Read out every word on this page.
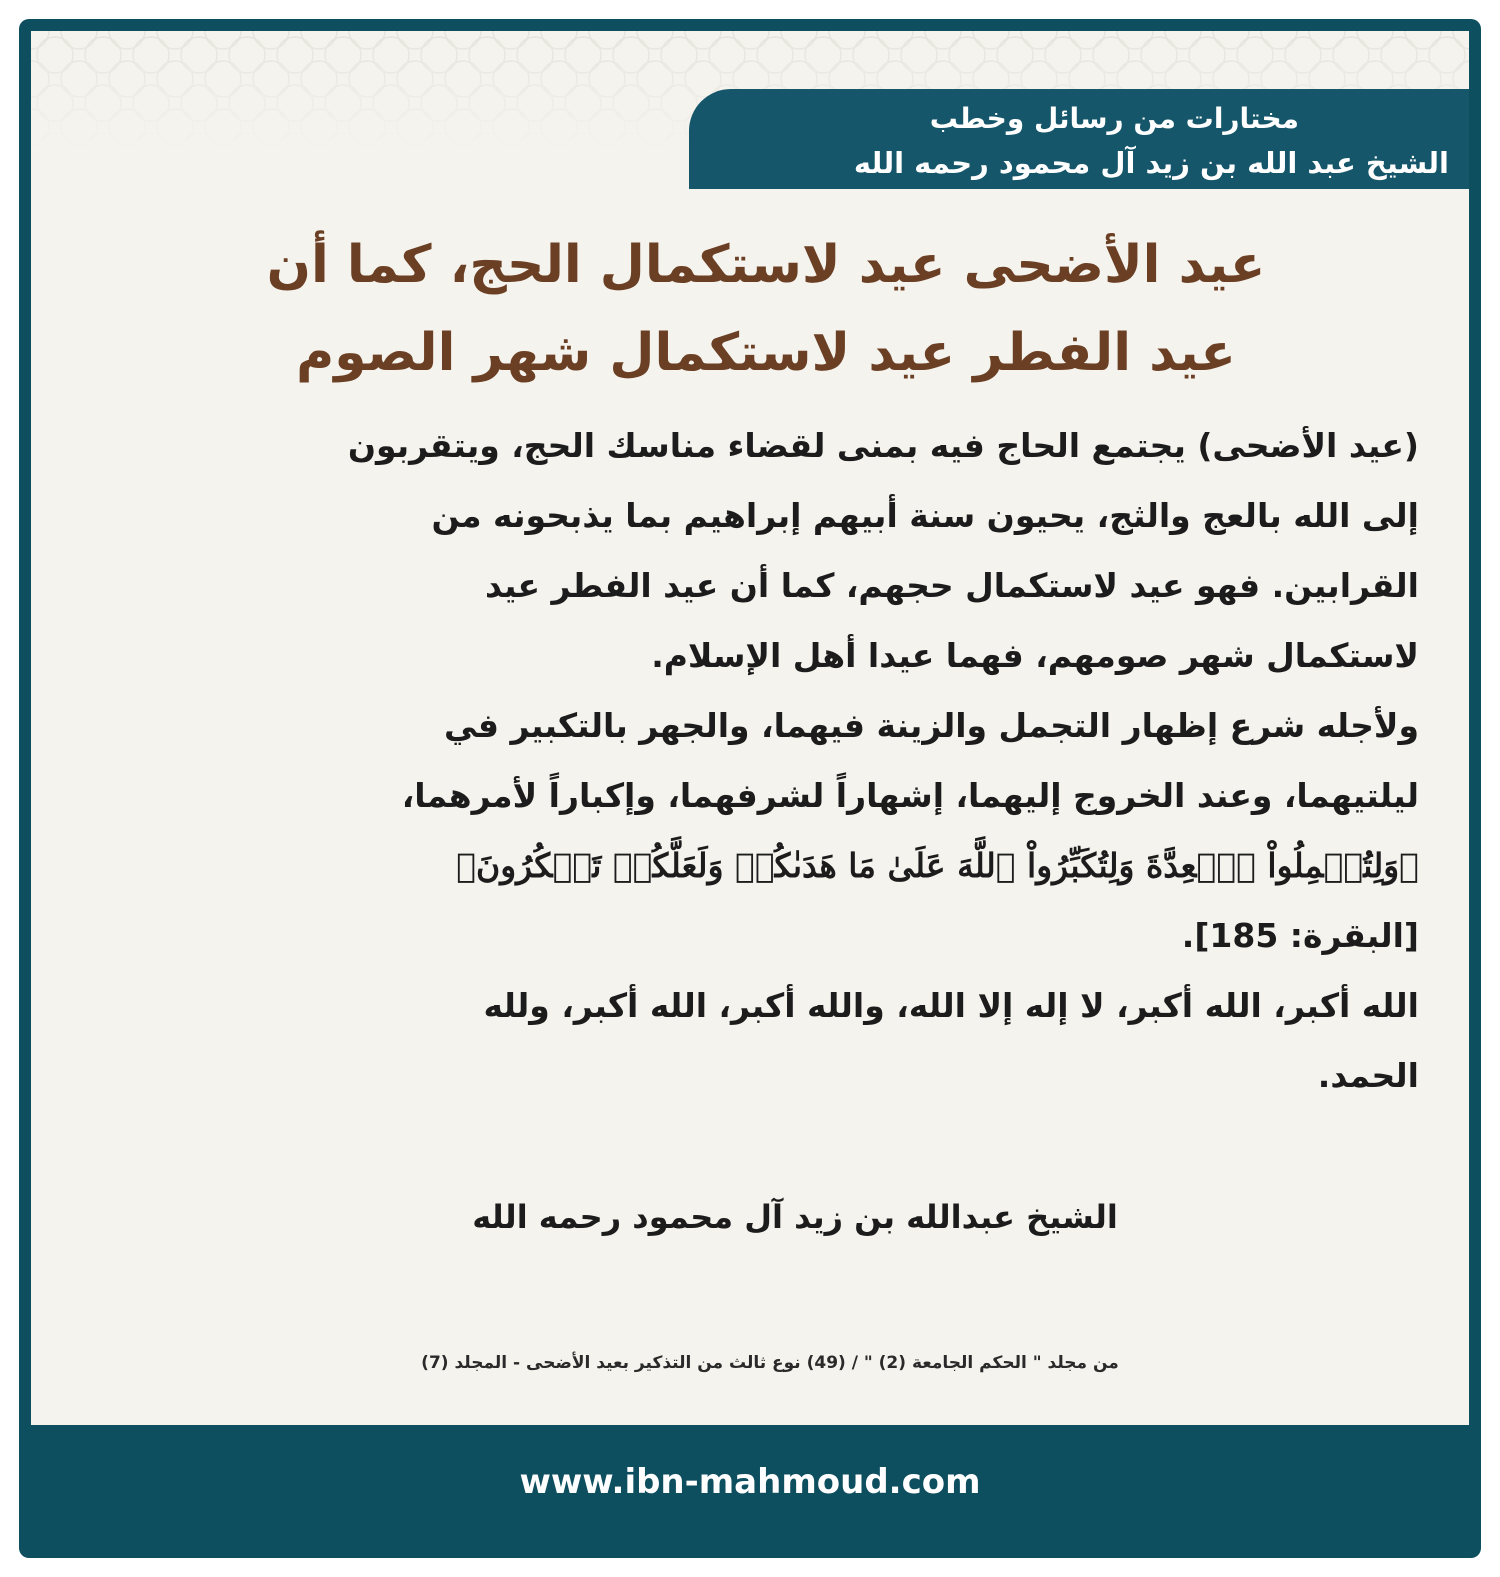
مختارات من رسائل وخطب
الشيخ عبد الله بن زيد آل محمود رحمه الله
عيد الأضحى عيد لاستكمال الحج، كما أن
عيد الفطر عيد لاستكمال شهر الصوم
(عيد الأضحى) يجتمع الحاج فيه بمنى لقضاء مناسك الحج، ويتقربون
إلى الله بالعج والثج، يحيون سنة أبيهم إبراهيم بما يذبحونه من
القرابين. فهو عيد لاستكمال حجهم، كما أن عيد الفطر عيد
لاستكمال شهر صومهم، فهما عيدا أهل الإسلام.
ولأجله شرع إظهار التجمل والزينة فيهما، والجهر بالتكبير في
ليلتيهما، وعند الخروج إليهما، إشهاراً لشرفهما، وإكباراً لأمرهما،
﴿وَلِتُكۡمِلُواْ ٱلۡعِدَّةَ وَلِتُكَبِّرُواْ ٱللَّهَ عَلَىٰ مَا هَدَىٰكُمۡ وَلَعَلَّكُمۡ تَشۡكُرُونَ﴾
[البقرة: 185].
الله أكبر، الله أكبر، لا إله إلا الله، والله أكبر، الله أكبر، ولله
الحمد.
الشيخ عبدالله بن زيد آل محمود رحمه الله
من مجلد " الحكم الجامعة (2) " / (49) نوع ثالث من التذكير بعيد الأضحى - المجلد (7)
www.ibn-mahmoud.com
